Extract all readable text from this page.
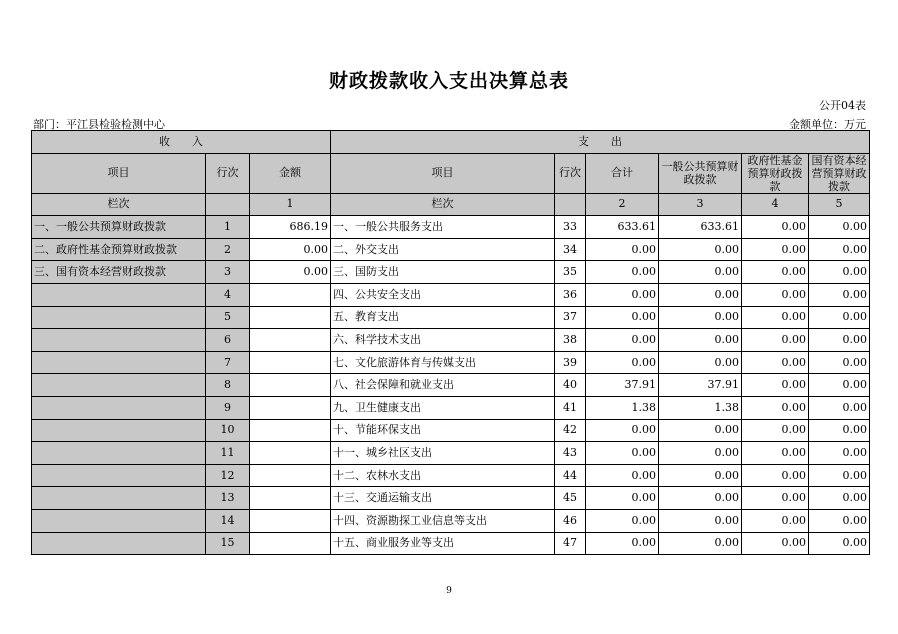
财政拨款收入支出决算总表
公开04表
部门：平江县检验检测中心	金额单位：万元
收　　入			支　　出					
项目	行次	金额	项目	行次	合计	一般公共预算财政拨款	政府性基金预算财政拨款	国有资本经营预算财政拨款
栏次		1	栏次		2	3	4	5
一、一般公共预算财政拨款	1	686.19	一、一般公共服务支出	33	633.61	633.61	0.00	0.00
二、政府性基金预算财政拨款	2	0.00	二、外交支出	34	0.00	0.00	0.00	0.00
三、国有资本经营财政拨款	3	0.00	三、国防支出	35	0.00	0.00	0.00	0.00
	4		四、公共安全支出	36	0.00	0.00	0.00	0.00
	5		五、教育支出	37	0.00	0.00	0.00	0.00
	6		六、科学技术支出	38	0.00	0.00	0.00	0.00
	7		七、文化旅游体育与传媒支出	39	0.00	0.00	0.00	0.00
	8		八、社会保障和就业支出	40	37.91	37.91	0.00	0.00
	9		九、卫生健康支出	41	1.38	1.38	0.00	0.00
	10		十、节能环保支出	42	0.00	0.00	0.00	0.00
	11		十一、城乡社区支出	43	0.00	0.00	0.00	0.00
	12		十二、农林水支出	44	0.00	0.00	0.00	0.00
	13		十三、交通运输支出	45	0.00	0.00	0.00	0.00
	14		十四、资源勘探工业信息等支出	46	0.00	0.00	0.00	0.00
	15		十五、商业服务业等支出	47	0.00	0.00	0.00	0.00
9
